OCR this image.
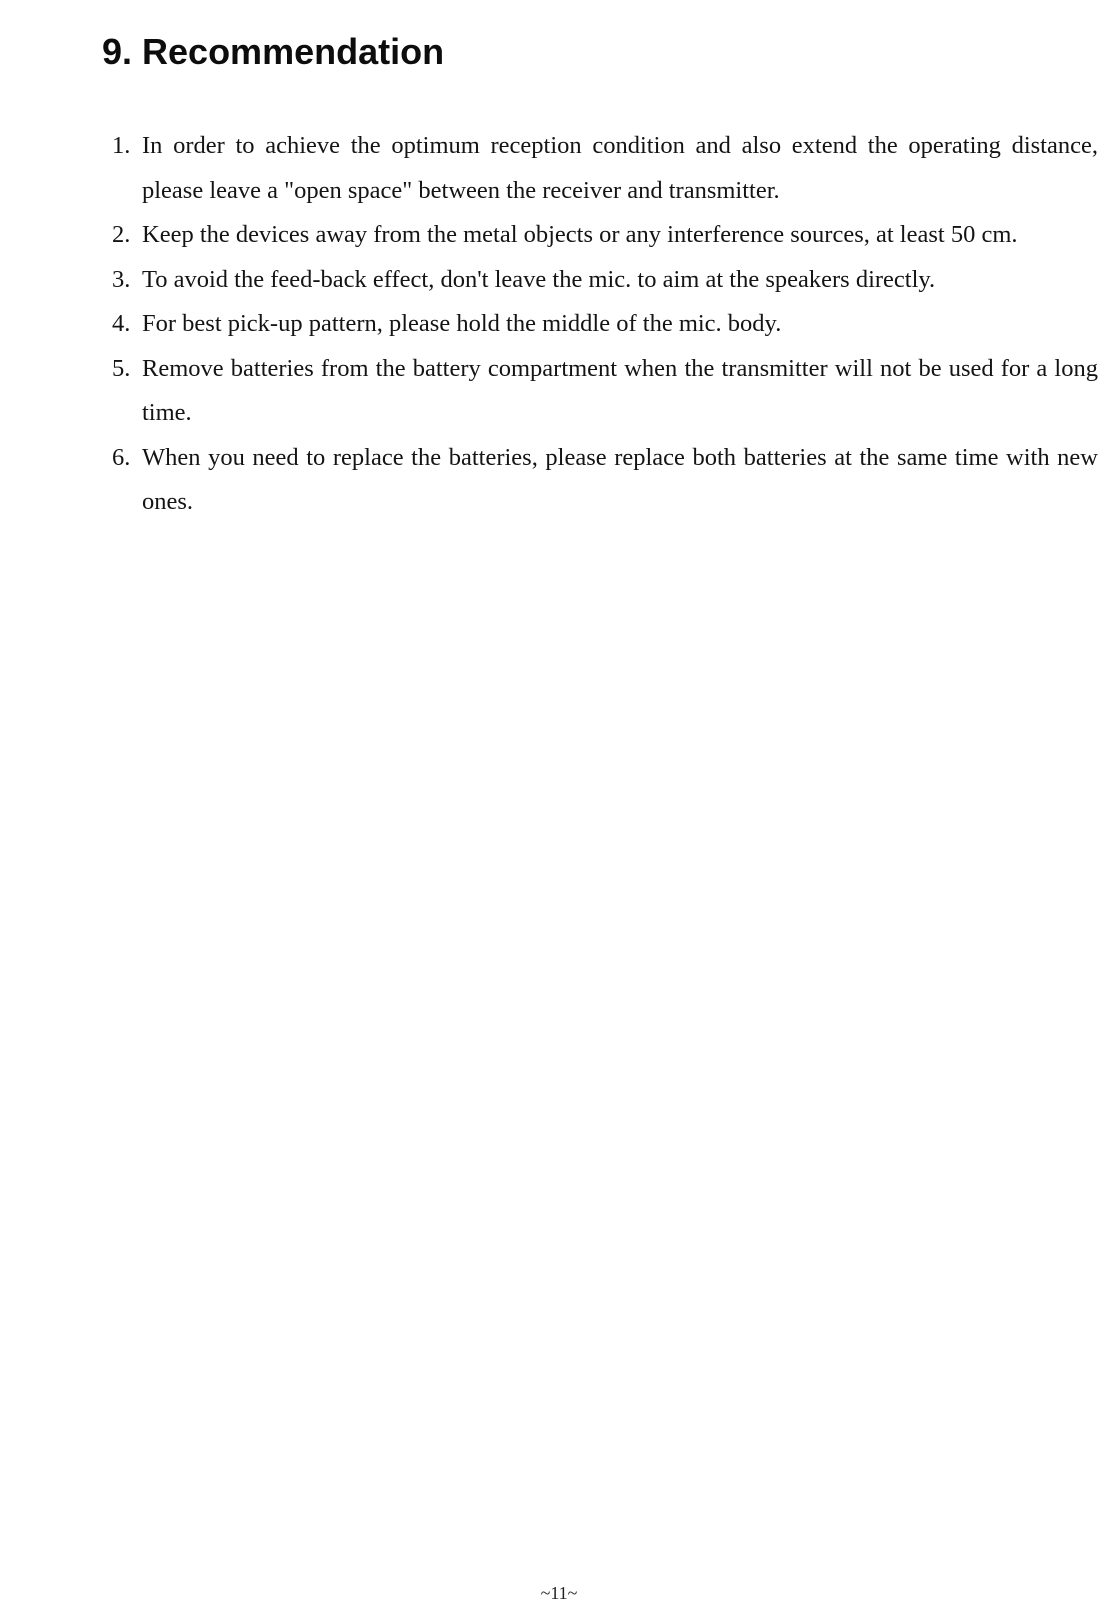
9. Recommendation
1. In order to achieve the optimum reception condition and also extend the operating distance, please leave a "open space" between the receiver and transmitter.
2. Keep the devices away from the metal objects or any interference sources, at least 50 cm.
3. To avoid the feed-back effect, don't leave the mic. to aim at the speakers directly.
4. For best pick-up pattern, please hold the middle of the mic. body.
5. Remove batteries from the battery compartment when the transmitter will not be used for a long time.
6. When you need to replace the batteries, please replace both batteries at the same time with new ones.
~11~
